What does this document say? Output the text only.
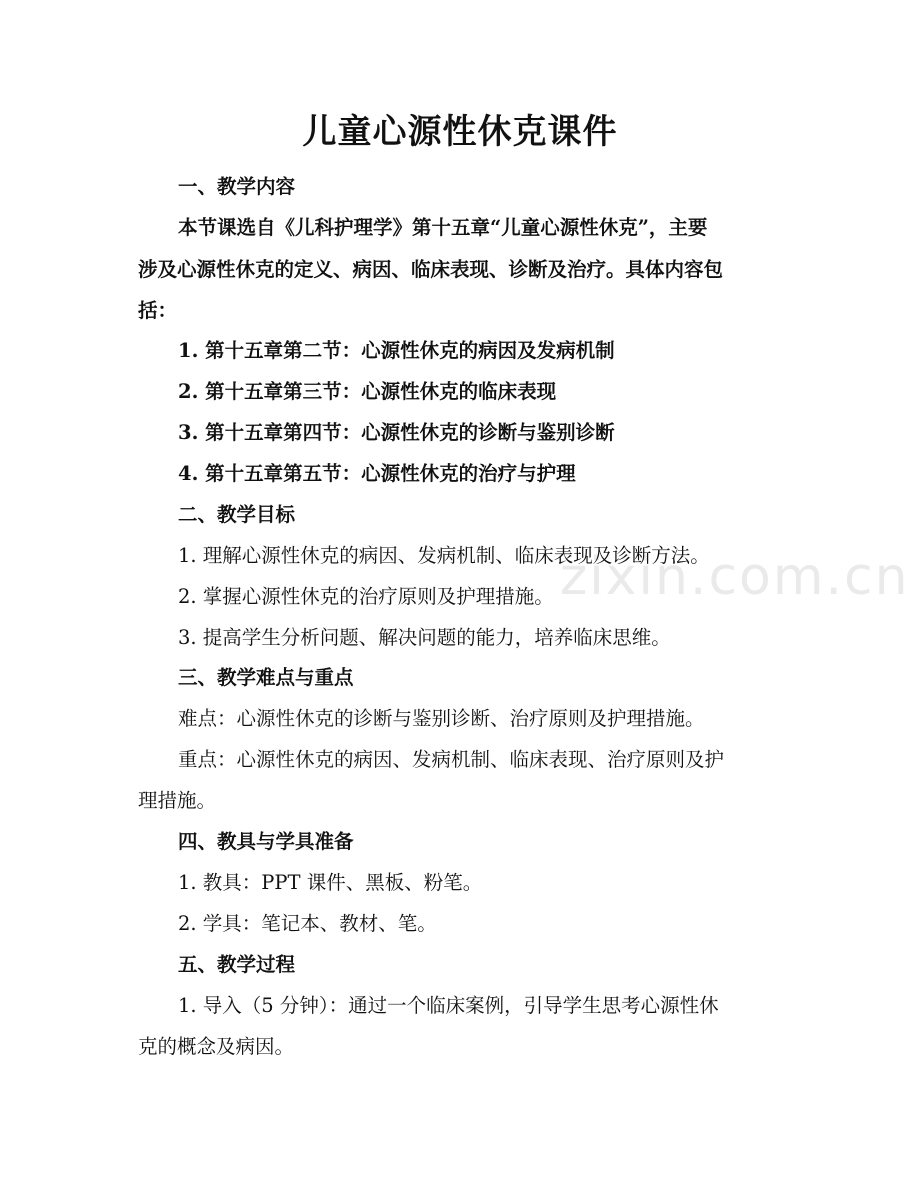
zixin.com.cn
儿童心源性休克课件
一、教学内容
本节课选自《儿科护理学》第十五章“儿童心源性休克”，主要
涉及心源性休克的定义、病因、临床表现、诊断及治疗。具体内容包
括：
1. 第十五章第二节：心源性休克的病因及发病机制
2. 第十五章第三节：心源性休克的临床表现
3. 第十五章第四节：心源性休克的诊断与鉴别诊断
4. 第十五章第五节：心源性休克的治疗与护理
二、教学目标
1. 理解心源性休克的病因、发病机制、临床表现及诊断方法。
2. 掌握心源性休克的治疗原则及护理措施。
3. 提高学生分析问题、解决问题的能力，培养临床思维。
三、教学难点与重点
难点：心源性休克的诊断与鉴别诊断、治疗原则及护理措施。
重点：心源性休克的病因、发病机制、临床表现、治疗原则及护
理措施。
四、教具与学具准备
1. 教具：PPT 课件、黑板、粉笔。
2. 学具：笔记本、教材、笔。
五、教学过程
1. 导入（5 分钟）：通过一个临床案例，引导学生思考心源性休
克的概念及病因。
